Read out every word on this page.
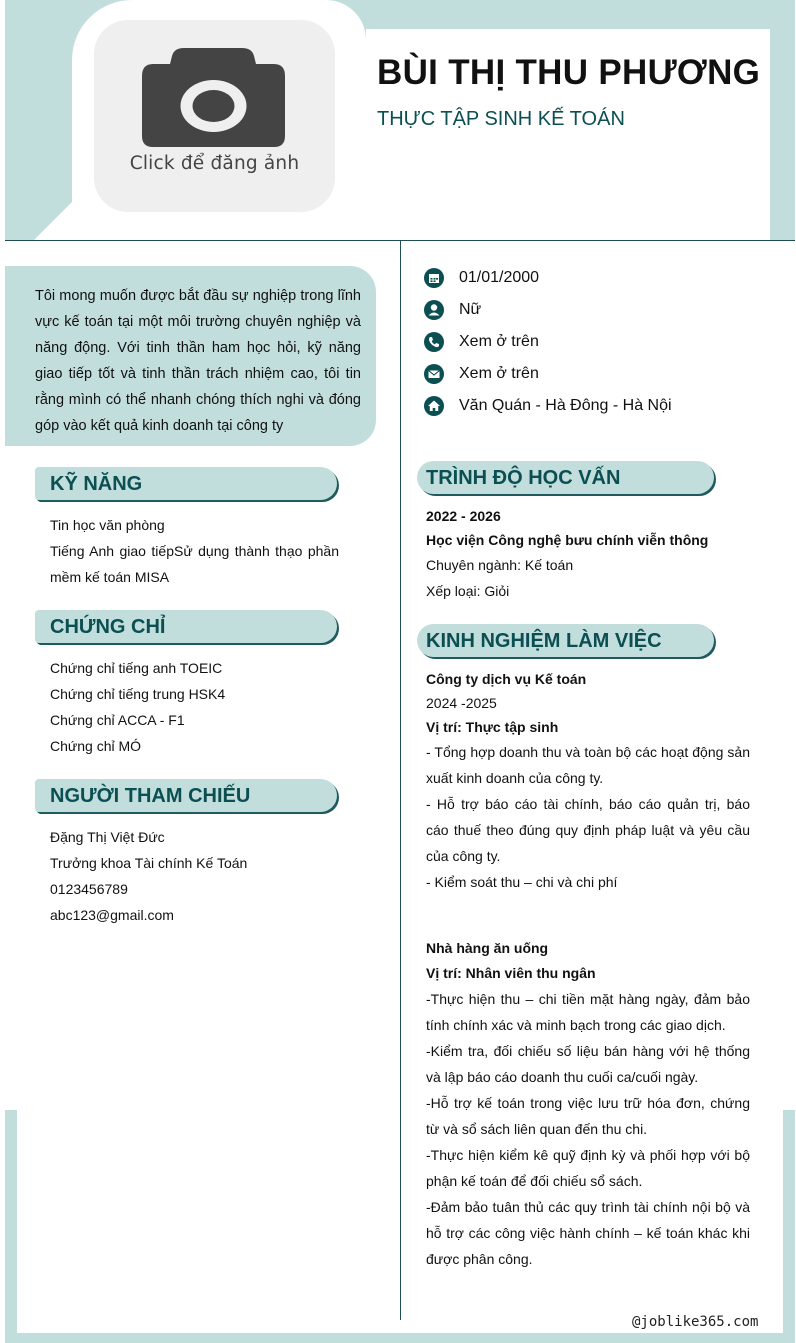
Click để đăng ảnh
BÙI THỊ THU PHƯƠNG
THỰC TẬP SINH KẾ TOÁN
Tôi mong muốn được bắt đầu sự nghiệp trong lĩnh vực kế toán tại một môi trường chuyên nghiệp và năng động. Với tinh thần ham học hỏi, kỹ năng giao tiếp tốt và tinh thần trách nhiệm cao, tôi tin rằng mình có thể nhanh chóng thích nghi và đóng góp vào kết quả kinh doanh tại công ty
KỸ NĂNG
Tin học văn phòng
Tiếng Anh giao tiếpSử dụng thành thạo phần mềm kế toán MISA
CHỨNG CHỈ
Chứng chỉ tiếng anh TOEIC
Chứng chỉ tiếng trung HSK4
Chứng chỉ ACCA - F1
Chứng chỉ MÓ
NGƯỜI THAM CHIẾU
Đặng Thị Việt Đức
Trưởng khoa Tài chính Kế Toán
0123456789
abc123@gmail.com
01/01/2000
Nữ
Xem ở trên
Xem ở trên
Văn Quán - Hà Đông - Hà Nội
TRÌNH ĐỘ HỌC VẤN
2022 - 2026
Học viện Công nghệ bưu chính viễn thông
Chuyên ngành: Kế toán
Xếp loại: Giỏi
KINH NGHIỆM LÀM VIỆC
Công ty dịch vụ Kế toán
2024 -2025
Vị trí: Thực tập sinh
- Tổng hợp doanh thu và toàn bộ các hoạt động sản xuất kinh doanh của công ty.
- Hỗ trợ báo cáo tài chính, báo cáo quản trị, báo cáo thuế theo đúng quy định pháp luật và yêu cầu của công ty.
- Kiểm soát thu – chi và chi phí
Nhà hàng ăn uống
Vị trí: Nhân viên thu ngân
-Thực hiện thu – chi tiền mặt hàng ngày, đảm bảo tính chính xác và minh bạch trong các giao dịch.
-Kiểm tra, đối chiếu số liệu bán hàng với hệ thống và lập báo cáo doanh thu cuối ca/cuối ngày.
-Hỗ trợ kế toán trong việc lưu trữ hóa đơn, chứng từ và sổ sách liên quan đến thu chi.
-Thực hiện kiểm kê quỹ định kỳ và phối hợp với bộ phận kế toán để đối chiếu sổ sách.
-Đảm bảo tuân thủ các quy trình tài chính nội bộ và hỗ trợ các công việc hành chính – kế toán khác khi được phân công.
@joblike365.com
